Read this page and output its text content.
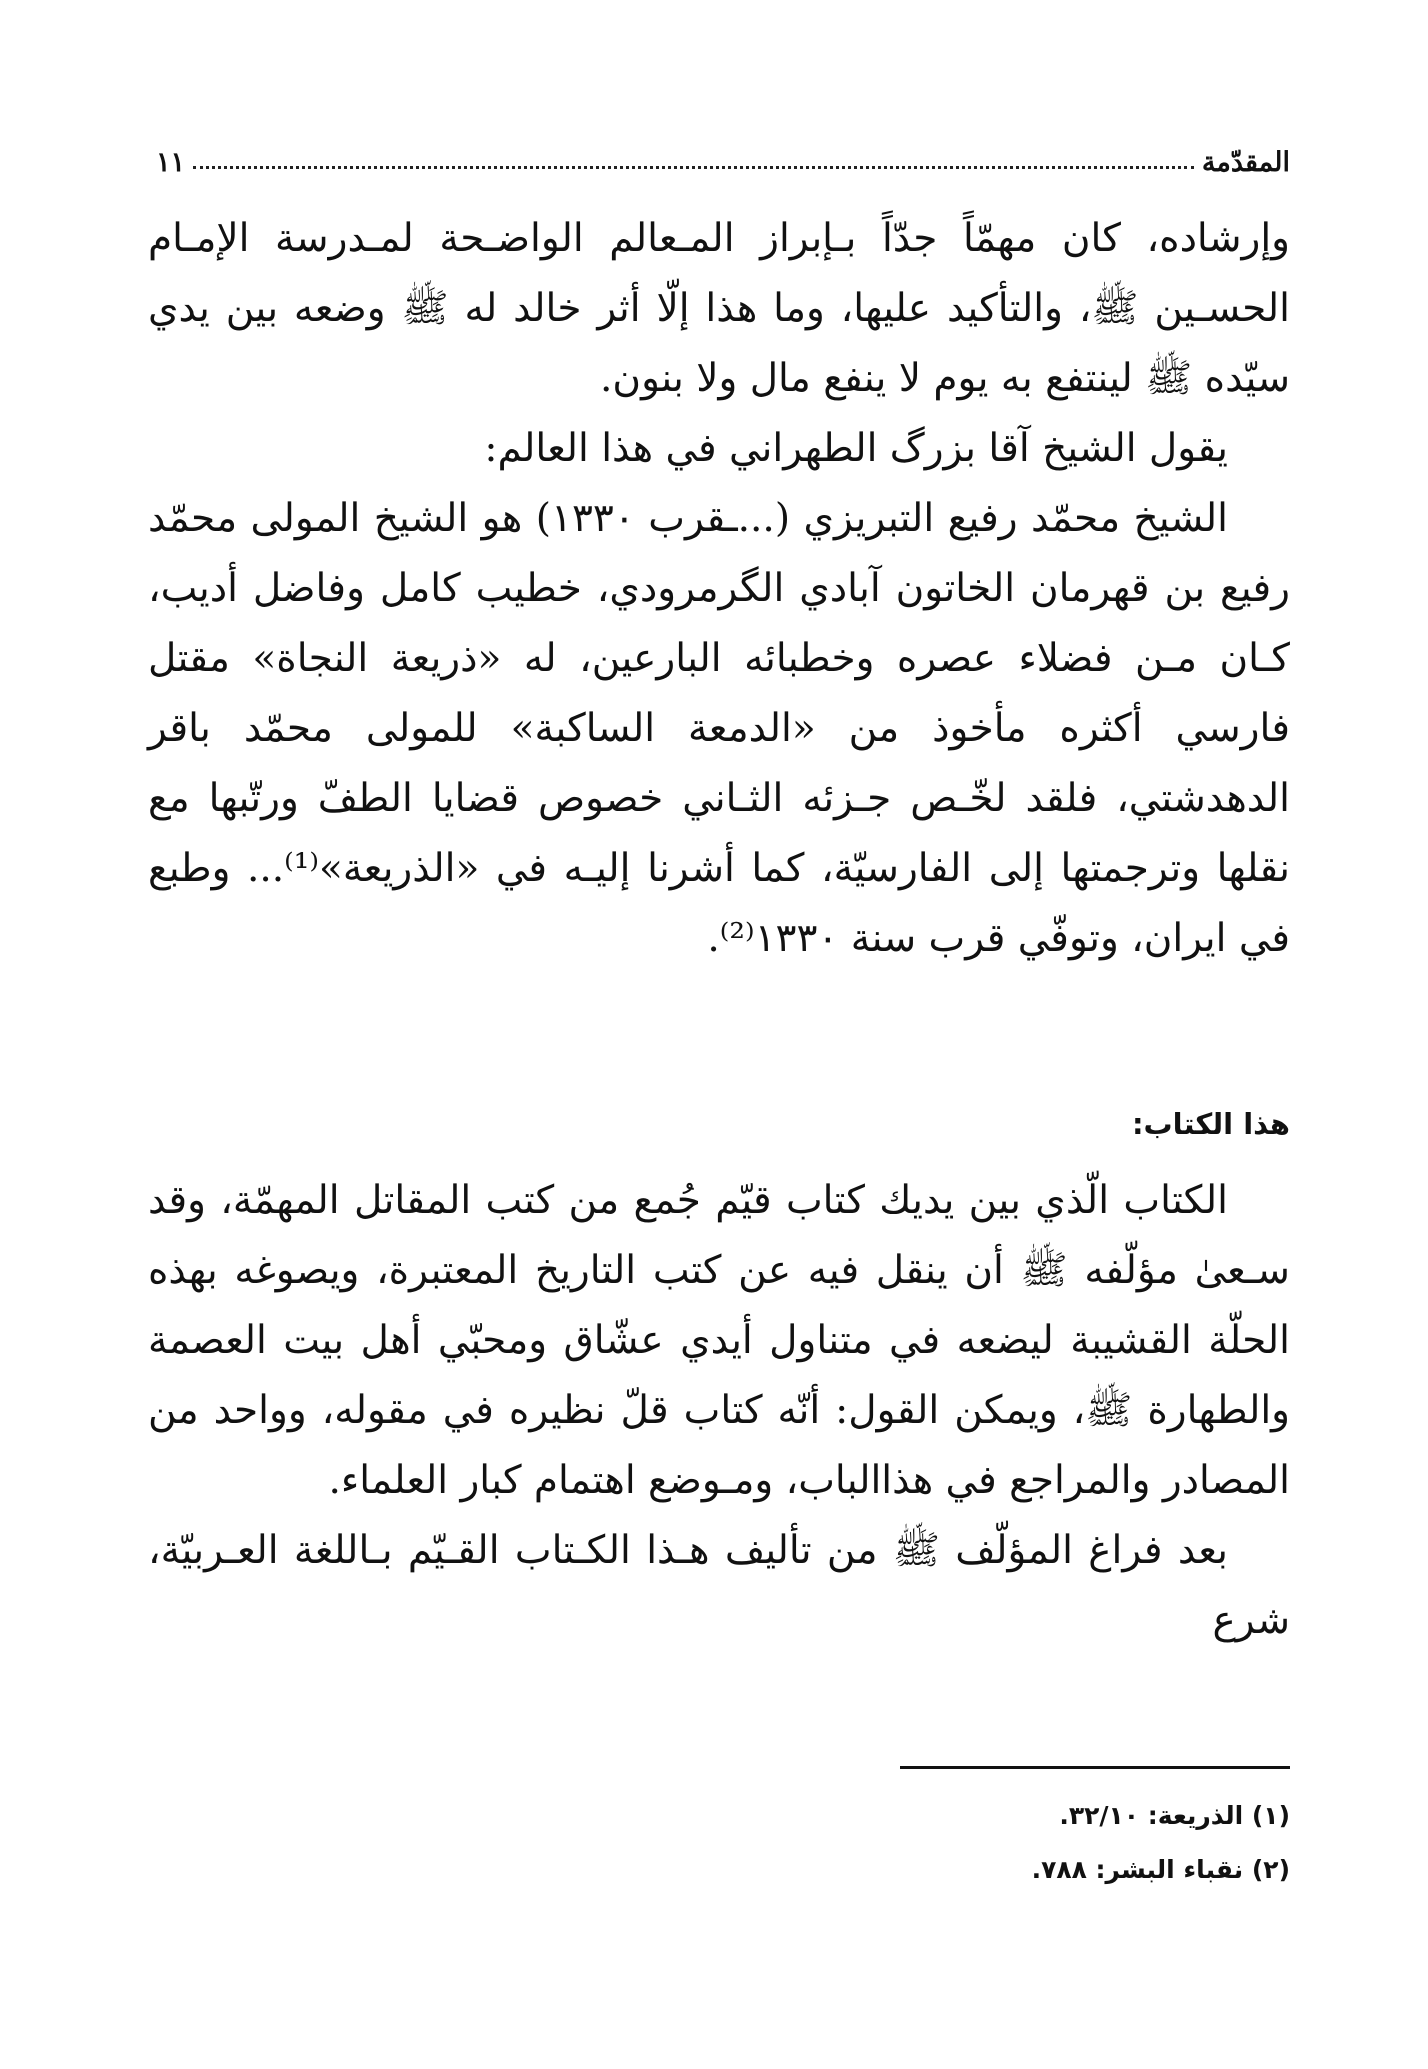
المقدّمة
١١

وإرشاده، كان مهمّاً جدّاً بـإبراز المـعالم الواضـحة لمـدرسة الإمـام الحسـين ﷺ، والتأكيد عليها، وما هذا إلّا أثر خالد له ﷺ وضعه بين يدي سيّده ﷺ لينتفع به يوم لا ينفع مال ولا بنون.

يقول الشيخ آقا بزرگ الطهراني في هذا العالم:

الشيخ محمّد رفيع التبريزي (...ـقرب ١٣٣٠) هو الشيخ المولى محمّد رفيع بن قهرمان الخاتون آبادي الگرمرودي، خطيب كامل وفاضل أديب، كـان مـن فضلاء عصره وخطبائه البارعين، له «ذريعة النجاة» مقتل فارسي أكثره مأخوذ من «الدمعة الساكبة» للمولى محمّد باقر الدهدشتي، فلقد لخّـص جـزئه الثـاني خصوص قضايا الطفّ ورتّبها مع نقلها وترجمتها إلى الفارسيّة، كما أشرنا إليـه في «الذريعة»⁽¹⁾... وطبع في ايران، وتوفّي قرب سنة ١٣٣٠⁽²⁾.

هذا الكتاب:

الكتاب الّذي بين يديك كتاب قيّم جُمع من كتب المقاتل المهمّة، وقد سـعىٰ مؤلّفه ﷺ أن ينقل فيه عن كتب التاريخ المعتبرة، ويصوغه بهذه الحلّة القشيبة ليضعه في متناول أيدي عشّاق ومحبّي أهل بيت العصمة والطهارة ﷺ، ويمكن القول: أنّه كتاب قلّ نظيره في مقوله، وواحد من المصادر والمراجع في هذاالباب، ومـوضع اهتمام كبار العلماء.

بعد فراغ المؤلّف ﷺ من تأليف هـذا الكـتاب القـيّم بـاللغة العـربيّة، شرع

(١) الذريعة: ٣٢/١٠.

(٢) نقباء البشر: ٧٨٨.
